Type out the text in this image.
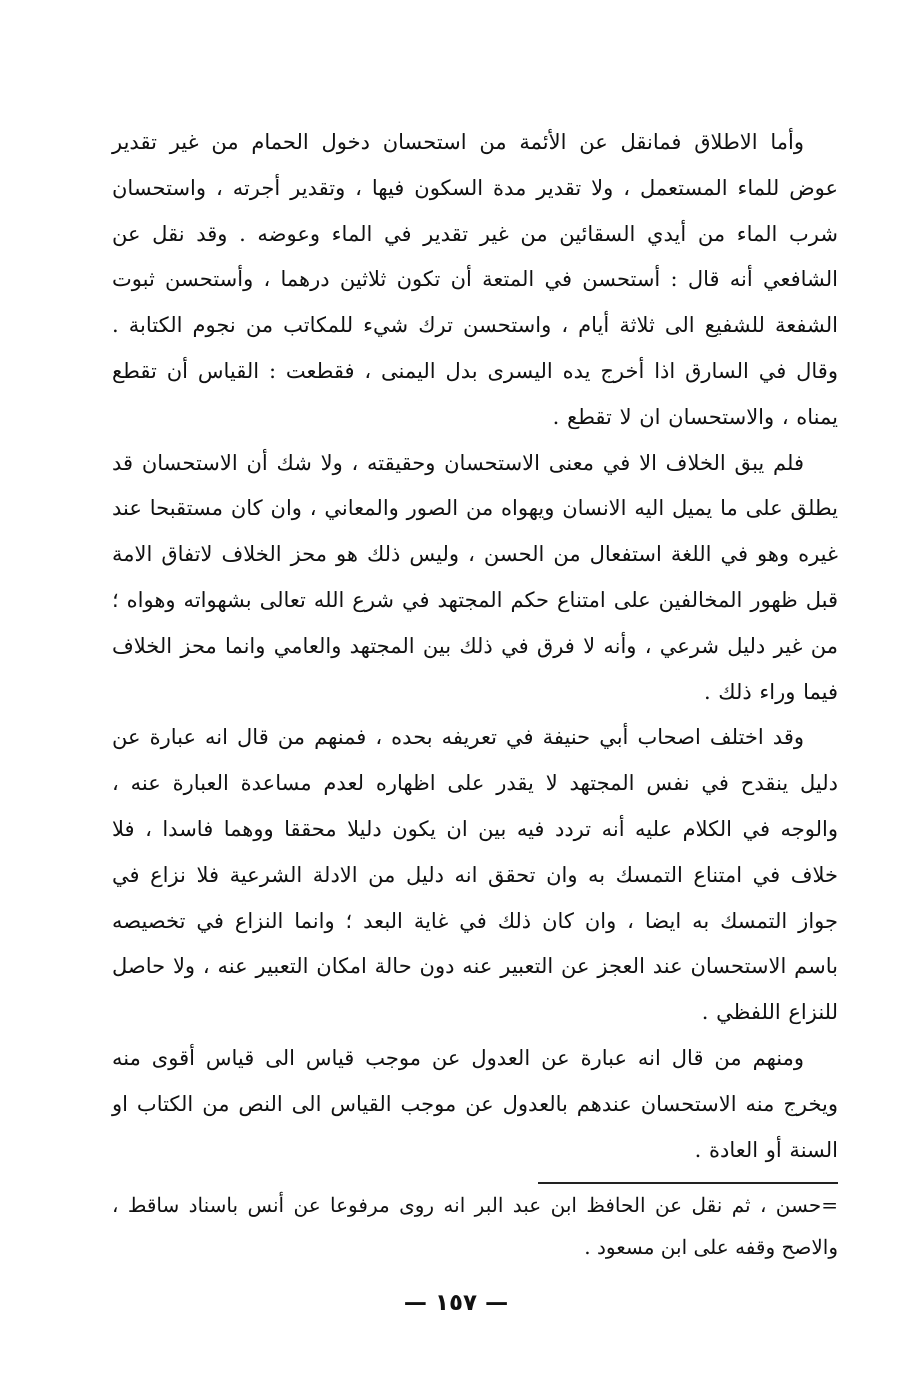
وأما الاطلاق فمانقل عن الأئمة من استحسان دخول الحمام من غير تقدير عوض للماء المستعمل ، ولا تقدير مدة السكون فيها ، وتقدير أجرته ، واستحسان شرب الماء من أيدي السقائين من غير تقدير في الماء وعوضه . وقد نقل عن الشافعي أنه قال : أستحسن في المتعة أن تكون ثلاثين درهما ، وأستحسن ثبوت الشفعة للشفيع الى ثلاثة أيام ، واستحسن ترك شيء للمكاتب من نجوم الكتابة . وقال في السارق اذا أخرج يده اليسرى بدل اليمنى ، فقطعت : القياس أن تقطع يمناه ، والاستحسان ان لا تقطع .

فلم يبق الخلاف الا في معنى الاستحسان وحقيقته ، ولا شك أن الاستحسان قد يطلق على ما يميل اليه الانسان ويهواه من الصور والمعاني ، وان كان مستقبحا عند غيره وهو في اللغة استفعال من الحسن ، وليس ذلك هو محز الخلاف لاتفاق الامة قبل ظهور المخالفين على امتناع حكم المجتهد في شرع الله تعالى بشهواته وهواه ؛ من غير دليل شرعي ، وأنه لا فرق في ذلك بين المجتهد والعامي وانما محز الخلاف فيما وراء ذلك .

وقد اختلف اصحاب أبي حنيفة في تعريفه بحده ، فمنهم من قال انه عبارة عن دليل ينقدح في نفس المجتهد لا يقدر على اظهاره لعدم مساعدة العبارة عنه ، والوجه في الكلام عليه أنه تردد فيه بين ان يكون دليلا محققا ووهما فاسدا ، فلا خلاف في امتناع التمسك به وان تحقق انه دليل من الادلة الشرعية فلا نزاع في جواز التمسك به ايضا ، وان كان ذلك في غاية البعد ؛ وانما النزاع في تخصيصه باسم الاستحسان عند العجز عن التعبير عنه دون حالة امكان التعبير عنه ، ولا حاصل للنزاع اللفظي .

ومنهم من قال انه عبارة عن العدول عن موجب قياس الى قياس أقوى منه ويخرج منه الاستحسان عندهم بالعدول عن موجب القياس الى النص من الكتاب او السنة أو العادة .

=حسن ، ثم نقل عن الحافظ ابن عبد البر انه روى مرفوعا عن أنس باسناد ساقط ، والاصح وقفه على ابن مسعود .

— ١٥٧ —
